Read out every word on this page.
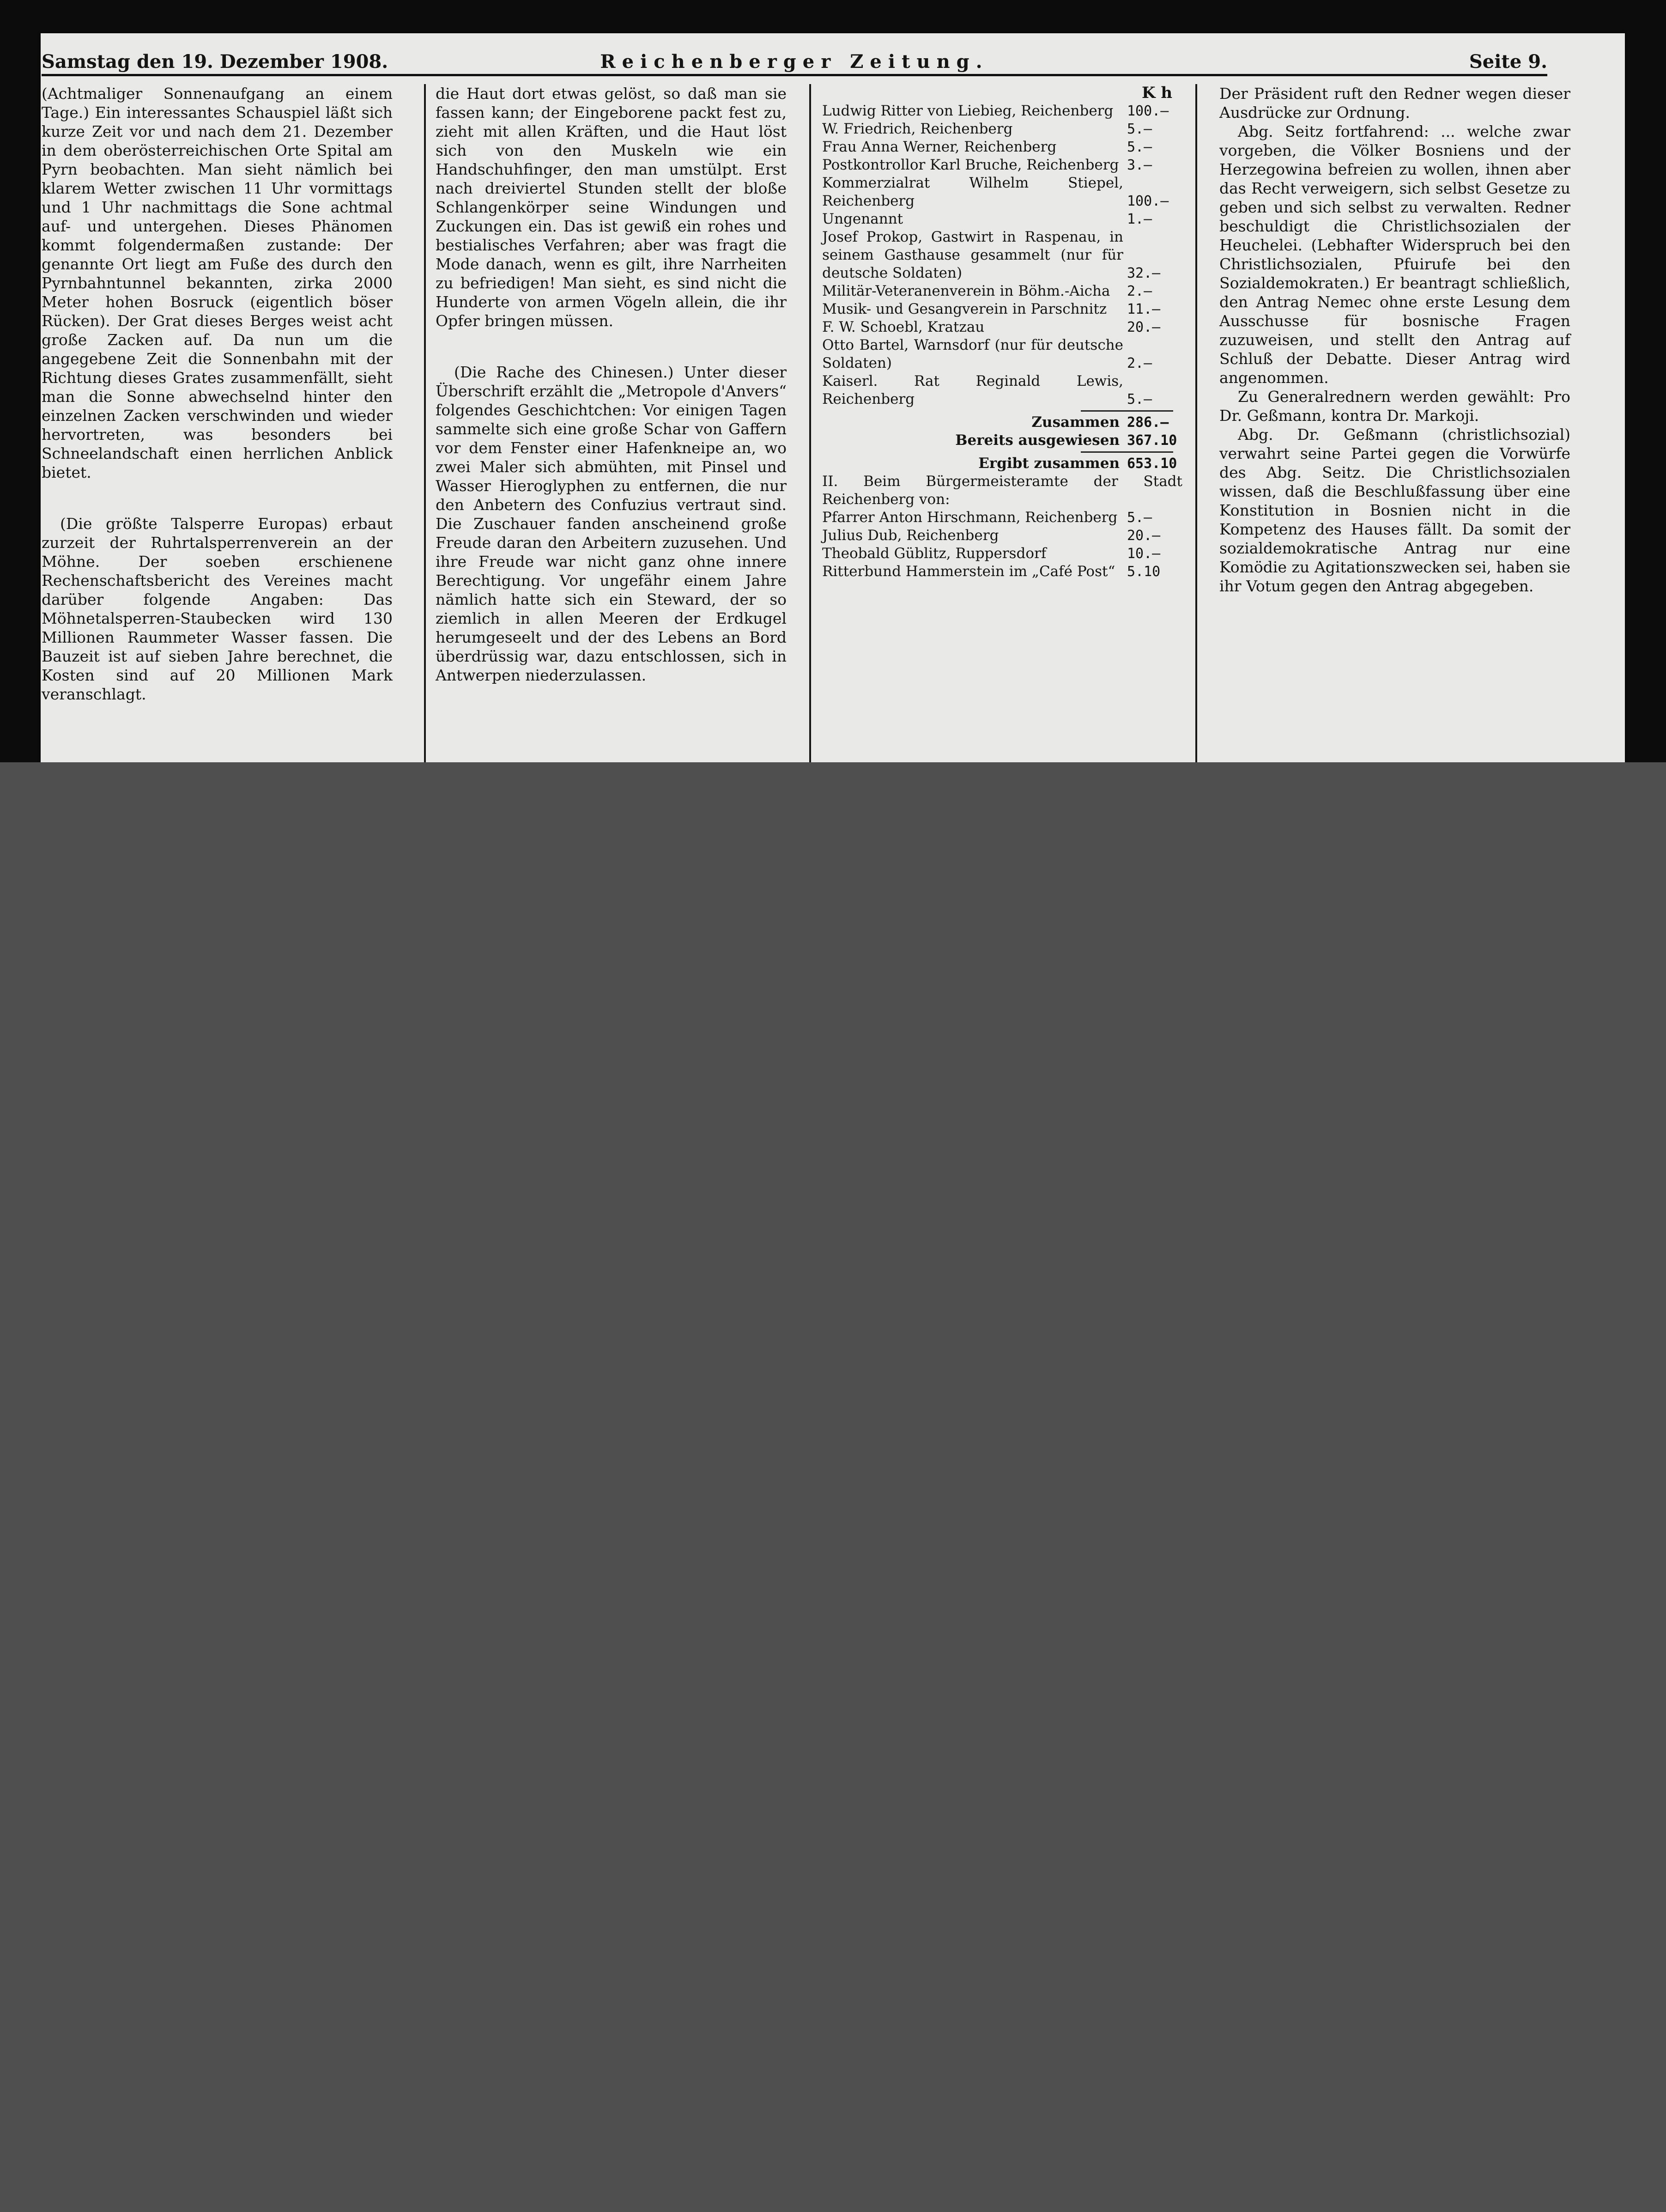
Samstag den 19. Dezember 1908.	Reichenberger Zeitung.	Seite 9.

(Achtmaliger Sonnenaufgang an einem Tage.) Ein interessantes Schauspiel läßt sich kurze Zeit vor und nach dem 21. Dezember in dem oberösterreichischen Orte Spital am Pyrn beobachten. Man sieht nämlich bei klarem Wetter zwischen 11 Uhr vormittags und 1 Uhr nachmittags die Sone achtmal auf- und untergehen. Dieses Phänomen kommt folgendermaßen zustande: Der genannte Ort liegt am Fuße des durch den Pyrnbahntunnel bekannten, zirka 2000 Meter hohen Bosruck (eigentlich böser Rücken). Der Grat dieses Berges weist acht große Zacken auf. Da nun um die angegebene Zeit die Sonnenbahn mit der Richtung dieses Grates zusammenfällt, sieht man die Sonne abwechselnd hinter den einzelnen Zacken verschwinden und wieder hervortreten, was besonders bei Schneelandschaft einen herrlichen Anblick bietet.

(Die größte Talsperre Europas) erbaut zurzeit der Ruhrtalsperrenverein an der Möhne. Der soeben erschienene Rechenschaftsbericht des Vereines macht darüber folgende Angaben: Das Möhnetalsperren-Staubecken wird 130 Millionen Raummeter Wasser fassen. Die Bauzeit ist auf sieben Jahre berechnet, die Kosten sind auf 20 Millionen Mark veranschlagt.

die Haut dort etwas gelöst, so daß man sie fassen kann; der Eingeborene packt fest zu, zieht mit allen Kräften, und die Haut löst sich von den Muskeln wie ein Handschuhfinger, den man umstülpt. Erst nach dreiviertel Stunden stellt der bloße Schlangenkörper seine Windungen und Zuckungen ein. Das ist gewiß ein rohes und bestialisches Verfahren; aber was fragt die Mode danach, wenn es gilt, ihre Narrheiten zu befriedigen! Man sieht, es sind nicht die Hunderte von armen Vögeln allein, die ihr Opfer bringen müssen.

(Die Rache des Chinesen.) Unter dieser Überschrift erzählt die „Metropole d'Anvers“ folgendes Geschichtchen: Vor einigen Tagen sammelte sich eine große Schar von Gaffern vor dem Fenster einer Hafenkneipe an, wo zwei Maler sich abmühten, mit Pinsel und Wasser Hieroglyphen zu entfernen, die nur den Anbetern des Confuzius vertraut sind. Die Zuschauer fanden anscheinend große Freude daran den Arbeitern zuzusehen. Und ihre Freude war nicht ganz ohne innere Berechtigung. Vor ungefähr einem Jahre nämlich hatte sich ein Steward, der so ziemlich in allen Meeren der Erdkugel herumgeseelt und der des Lebens an Bord überdrüssig war, dazu entschlossen, sich in Antwerpen niederzulassen.

K h
Ludwig Ritter von Liebieg, Reichenberg 100.—
W. Friedrich, Reichenberg	5.—
Frau Anna Werner, Reichenberg	5.—
Postkontrollor Karl Bruche, Reichenberg 3.—
Kommerzialrat Wilhelm Stiepel, Reichenberg	100.—
Ungenannt	1.—
Josef Prokop, Gastwirt in Raspenau, in seinem Gasthause gesammelt (nur für deutsche Soldaten)	32.—
Militär-Veteranenverein in Böhm.-Aicha	2.—
Musik- und Gesangverein in Parschnitz	11.—
F. W. Schoebl, Kratzau	20.—
Otto Bartel, Warnsdorf (nur für deutsche Soldaten)	2.—
Kaiserl. Rat Reginald Lewis, Reichenberg	5.—
Zusammen 286.—
Bereits ausgewiesen 367.10
Ergibt zusammen 653.10

II. Beim Bürgermeisteramte der Stadt Reichenberg von:

Pfarrer Anton Hirschmann, Reichenberg 5.—
Julius Dub, Reichenberg	20.—
Theobald Güblitz, Ruppersdorf	10.—
Ritterbund Hammerstein im „Café Post“ 5.10

Der Präsident ruft den Redner wegen dieser Ausdrücke zur Ordnung.

Abg. Seitz fortfahrend: ... welche zwar vorgeben, die Völker Bosniens und der Herzegowina befreien zu wollen, ihnen aber das Recht verweigern, sich selbst Gesetze zu geben und sich selbst zu verwalten. Redner beschuldigt die Christlichsozialen der Heuchelei. (Lebhafter Widerspruch bei den Christlichsozialen, Pfuirufe bei den Sozialdemokraten.) Er beantragt schließlich, den Antrag Nemec ohne erste Lesung dem Ausschusse für bosnische Fragen zuzuweisen, und stellt den Antrag auf Schluß der Debatte. Dieser Antrag wird angenommen.

Zu Generalrednern werden gewählt: Pro Dr. Geßmann, kontra Dr. Markoji.

Abg. Dr. Geßmann (christlichsozial) verwahrt seine Partei gegen die Vorwürfe des Abg. Seitz. Die Christlichsozialen wissen, daß die Beschlußfassung über eine Konstitution in Bosnien nicht in die Kompetenz des Hauses fällt. Da somit der sozialdemokratische Antrag nur eine Komödie zu Agitationszwecken sei, haben sie ihr Votum gegen den Antrag abgegeben.
